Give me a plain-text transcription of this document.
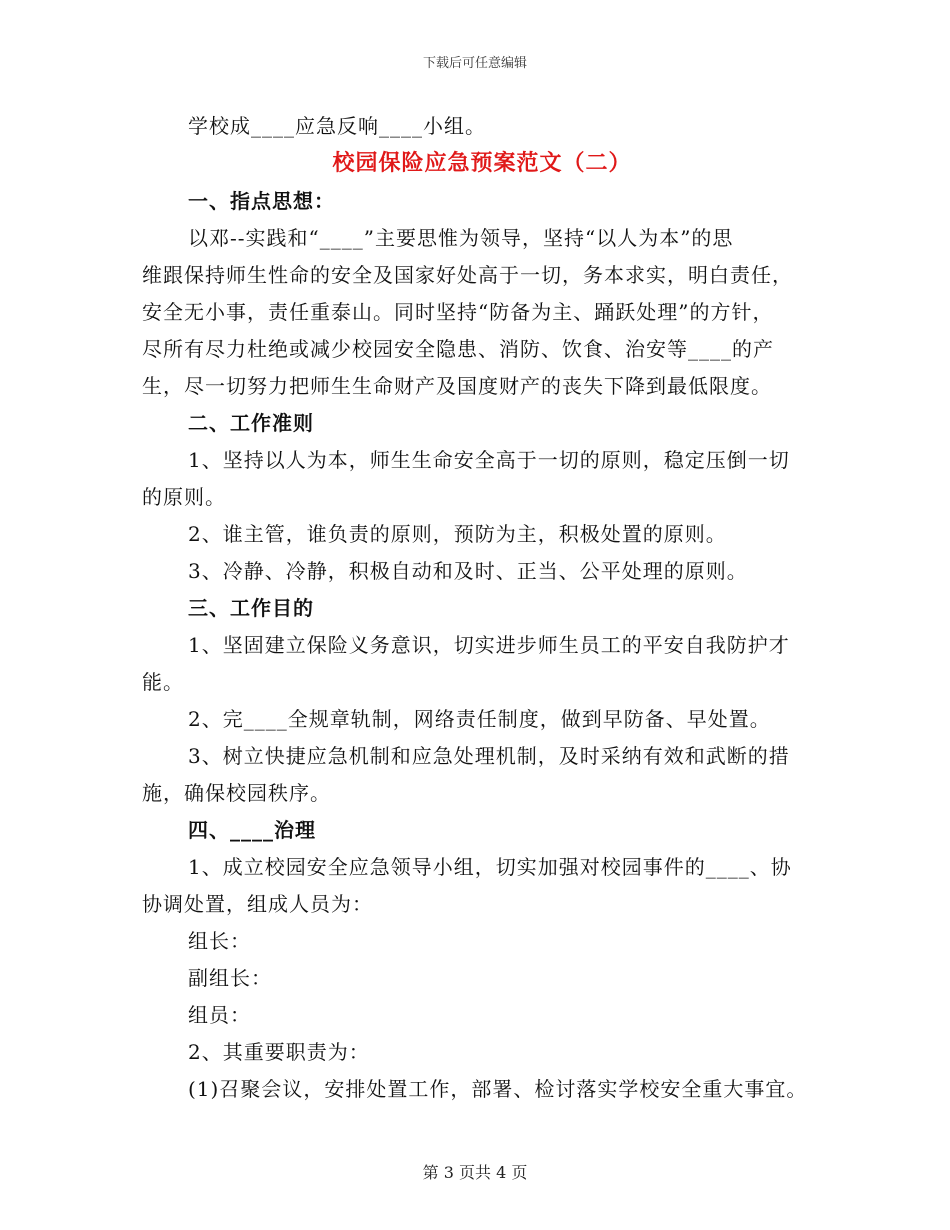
下载后可任意编辑
学校成____应急反响____小组。
校园保险应急预案范文（二）
一、指点思想：
以邓--实践和“____”主要思惟为领导，坚持“以人为本”的思
维跟保持师生性命的安全及国家好处高于一切，务本求实，明白责任，
安全无小事，责任重泰山。同时坚持“防备为主、踊跃处理”的方针，
尽所有尽力杜绝或减少校园安全隐患、消防、饮食、治安等____的产
生，尽一切努力把师生生命财产及国度财产的丧失下降到最低限度。
二、工作准则
1、坚持以人为本，师生生命安全高于一切的原则，稳定压倒一切
的原则。
2、谁主管，谁负责的原则，预防为主，积极处置的原则。
3、冷静、冷静，积极自动和及时、正当、公平处理的原则。
三、工作目的
1、坚固建立保险义务意识，切实进步师生员工的平安自我防护才
能。
2、完____全规章轨制，网络责任制度，做到早防备、早处置。
3、树立快捷应急机制和应急处理机制，及时采纳有效和武断的措
施，确保校园秩序。
四、____治理
1、成立校园安全应急领导小组，切实加强对校园事件的____、协
协调处置，组成人员为：
组长：
副组长：
组员：
2、其重要职责为：
(1)召聚会议，安排处置工作，部署、检讨落实学校安全重大事宜。
第 3 页共 4 页
